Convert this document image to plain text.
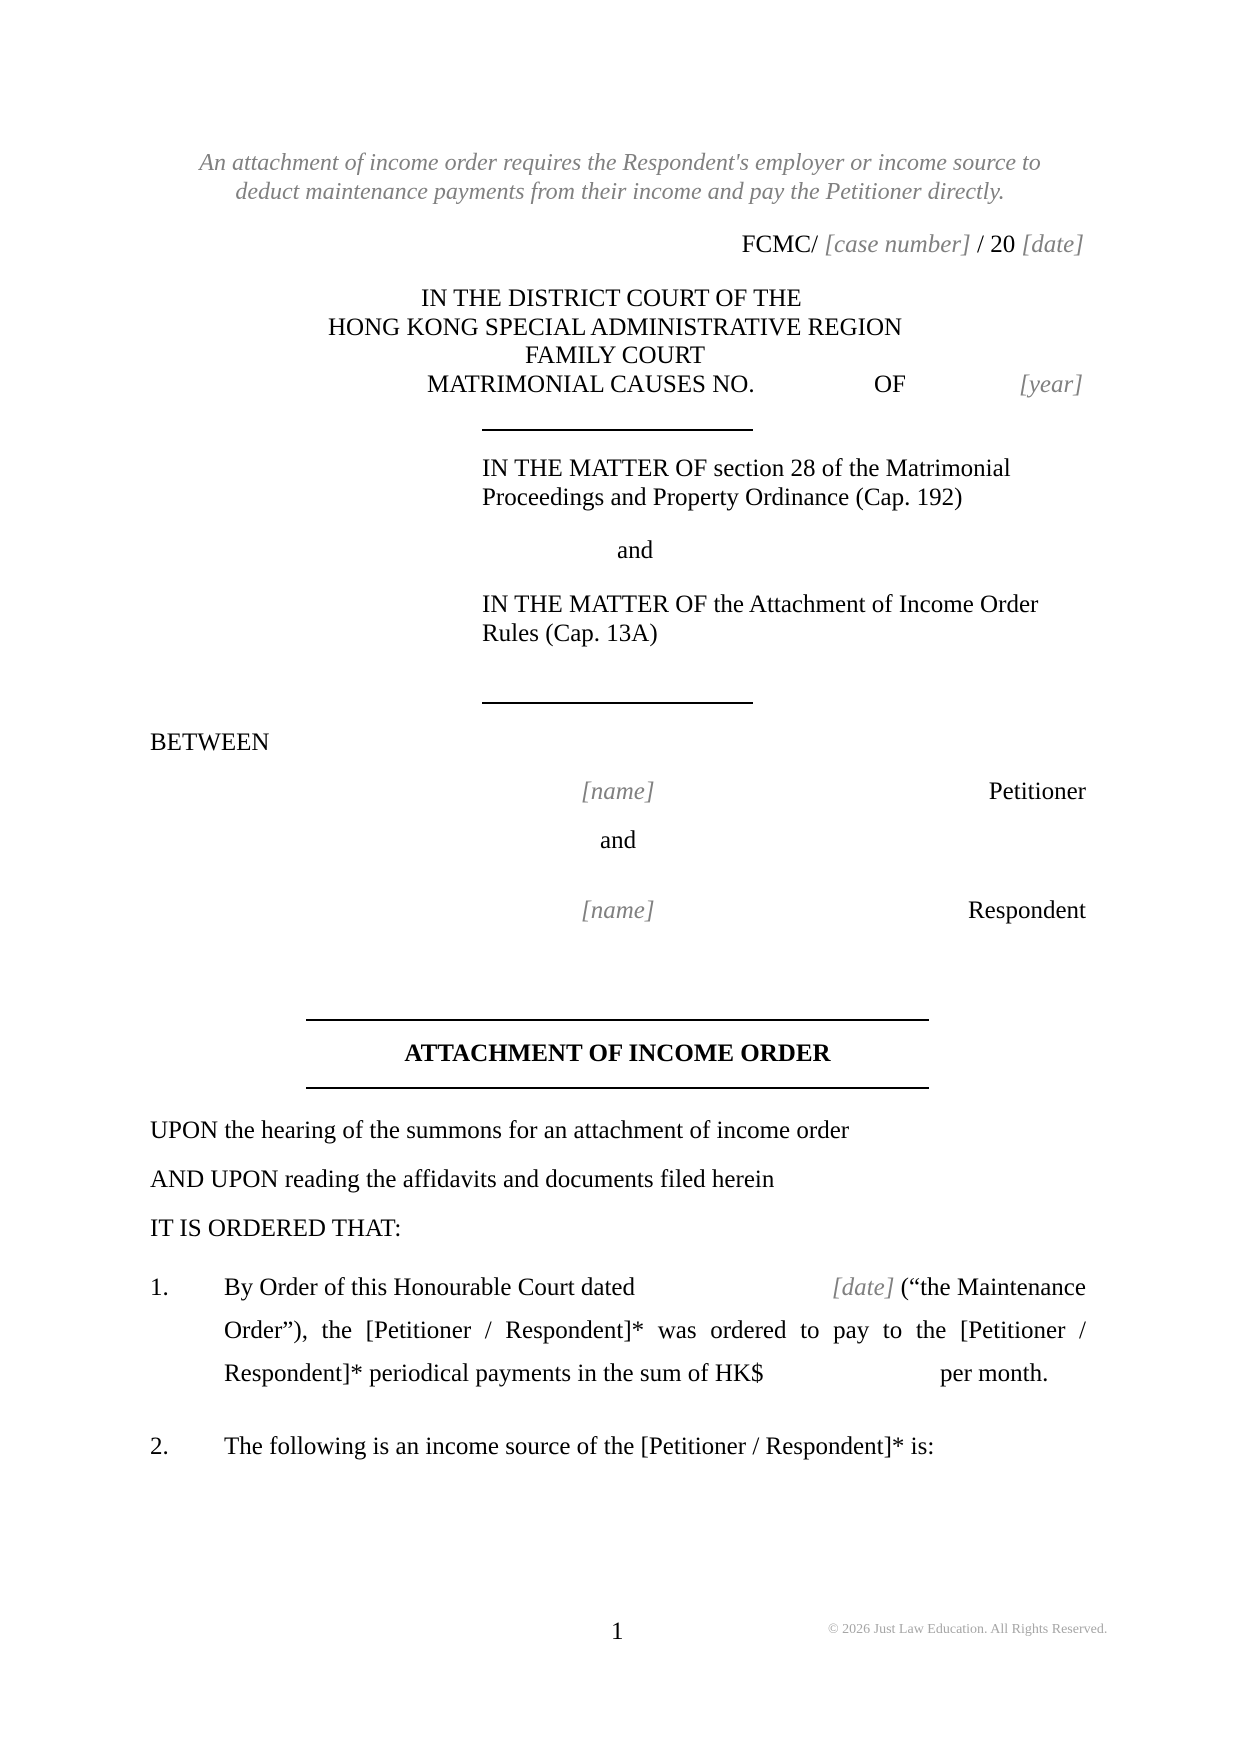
An attachment of income order requires the Respondent's employer or income source to
deduct maintenance payments from their income and pay the Petitioner directly.
FCMC/ [case number] / 20 [date]
IN THE DISTRICT COURT OF THE
HONG KONG SPECIAL ADMINISTRATIVE REGION
FAMILY COURT
MATRIMONIAL CAUSES NO.	OF	[year]
IN THE MATTER OF section 28 of the Matrimonial
Proceedings and Property Ordinance (Cap. 192)
and
IN THE MATTER OF the Attachment of Income Order
Rules (Cap. 13A)
BETWEEN
[name]	Petitioner
and
[name]	Respondent
ATTACHMENT OF INCOME ORDER
UPON the hearing of the summons for an attachment of income order
AND UPON reading the affidavits and documents filed herein
IT IS ORDERED THAT:
1. By Order of this Honourable Court dated	[date] (“the Maintenance
Order”), the [Petitioner / Respondent]* was ordered to pay to the [Petitioner /
Respondent]* periodical payments in the sum of HK$	per month.
2. The following is an income source of the [Petitioner / Respondent]* is:
1	© 2026 Just Law Education. All Rights Reserved.
